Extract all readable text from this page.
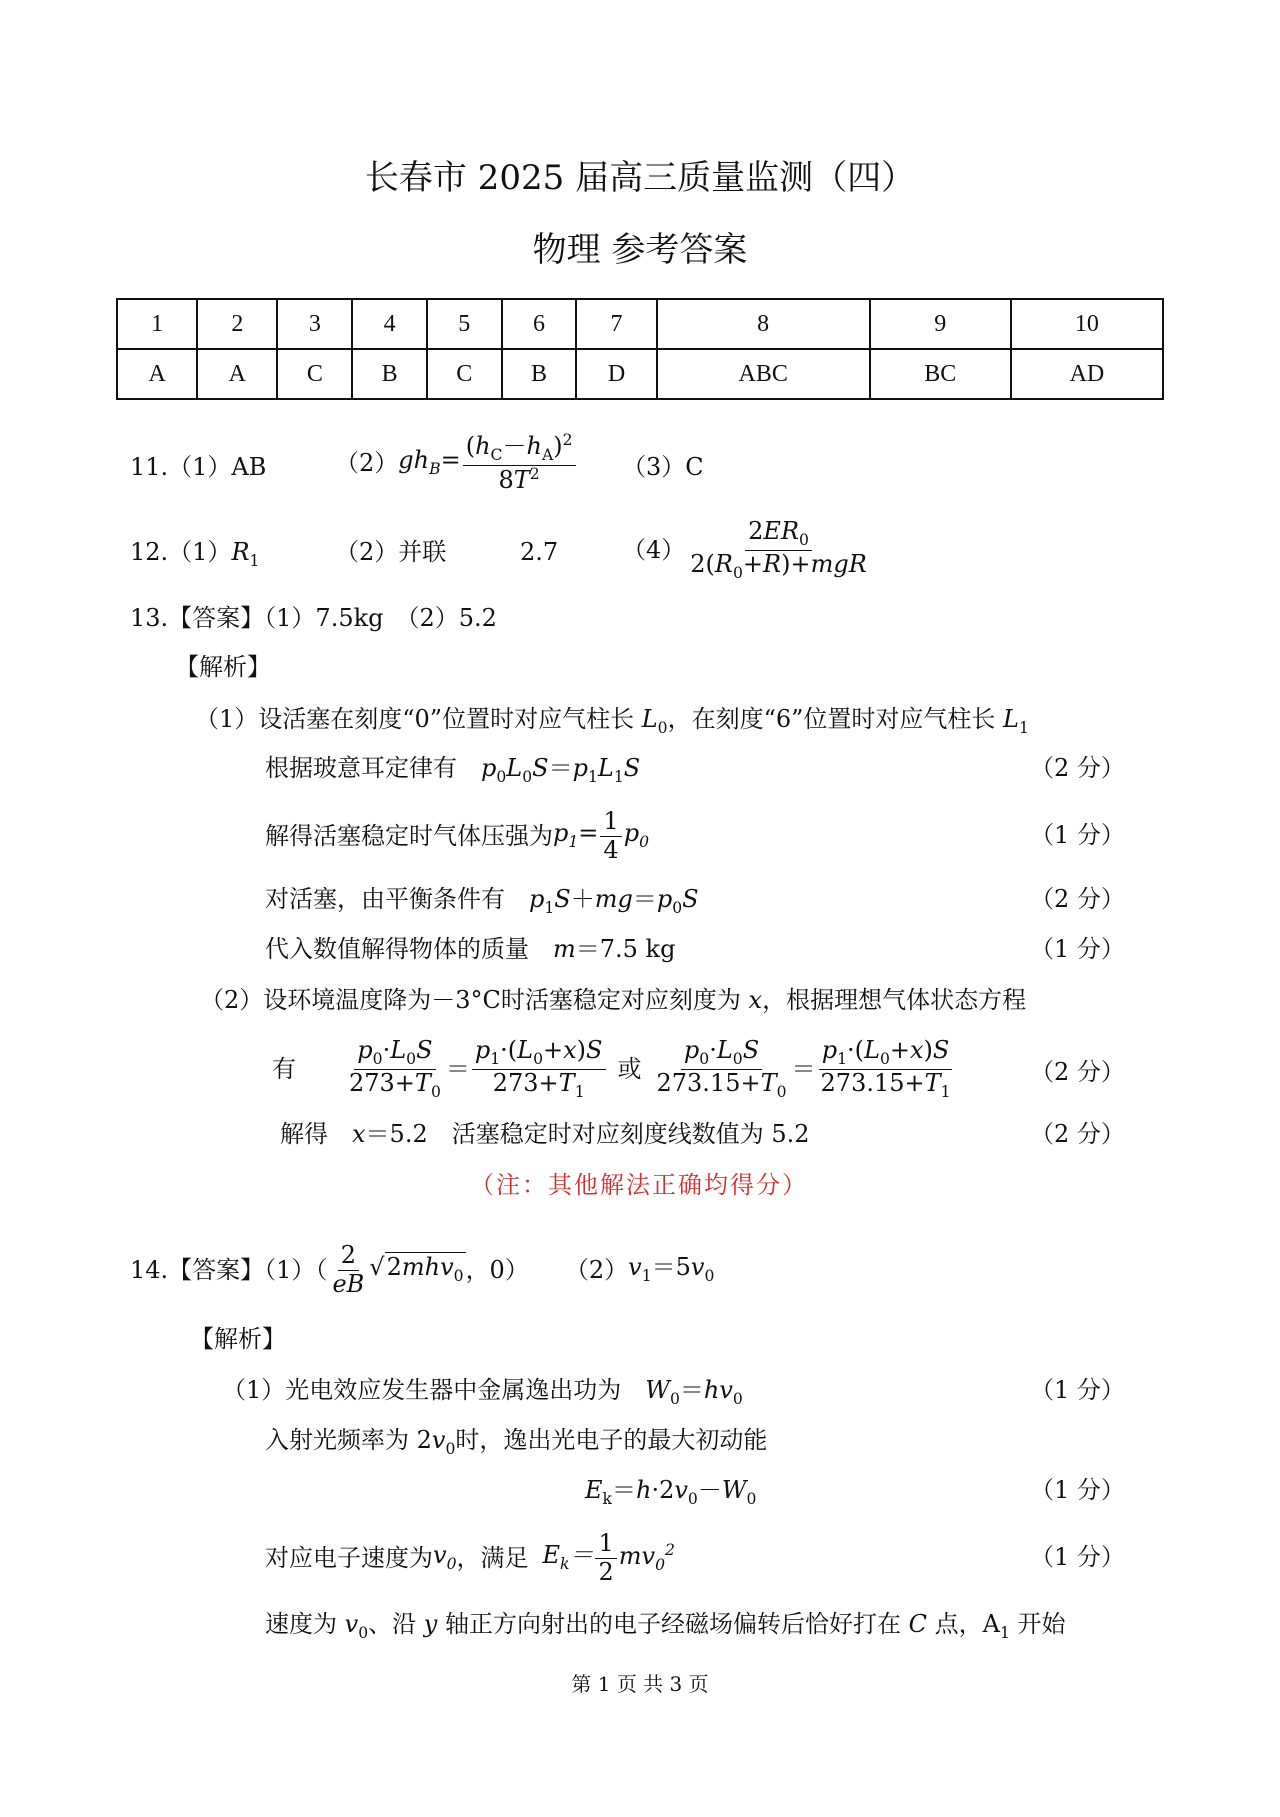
长春市 2025 届高三质量监测（四）
物理 参考答案
1	2	3	4	5	6	7	8	9	10
A	A	C	B	C	B	D	ABC	BC	AD
11.（1）AB	（2） $gh_B= \frac{(h_C-h_A)^2}{8T^2} (3)C$
$12.(1)R_1$	（2）并联	2.7	$(4) \frac{2ER_0}{2(R_0+R)+mgR}$
13.【答案】（1）7.5kg　（2）5.2
【解析】
（1）设活塞在刻度“0”位置时对应气柱长 $L_0$，在刻度“6”位置时对应气柱长 $L_1$
根据玻意耳定律有　 $p_0L_0S=p_1L_1S$	（2 分）
解得活塞稳定时气体压强为 $p_1= \frac{1}{4} p_0$	（1 分）
对活塞，由平衡条件有　 $p_1S+mg=p_0S$	（2 分）
代入数值解得物体的质量　 m＝7.5 kg	（1 分）
（2）设环境温度降为－3°C时活塞稳定对应刻度为 x，根据理想气体状态方程
有 $\frac{p_0\cdot L_0S}{273+T_0} = \frac{p_1\cdot(L_0+x)S}{273+T_1}$ 或 $\frac{p_0\cdot L_0S}{273.15+T_0} = \frac{p_1\cdot(L_0+x)S}{273.15+T_1}$	（2 分）
解得　 x＝5.2　活塞稳定时对应刻度线数值为 5.2	（2 分）
（注：其他解法正确均得分）
14.【答案】$(1)( \frac{2}{eB} √2mhv_0$ ，0） （2） $v_1=5v_0$
【解析】
（1）光电效应发生器中金属逸出功为　 $W_0=hv_0$	（1 分）
入射光频率为 $2v_0$时，逸出光电子的最大初动能
$E_k=h\cdot 2v_0-W_0$	（1 分）
对应电子速度为 $v_0$ ，满足 $E_k= \frac{1}{2} mv_0^2$	（1 分）
速度为 $v_0$、沿 y 轴正方向射出的电子经磁场偏转后恰好打在 C 点，$A_1$ 开始
第 1 页 共 3 页
